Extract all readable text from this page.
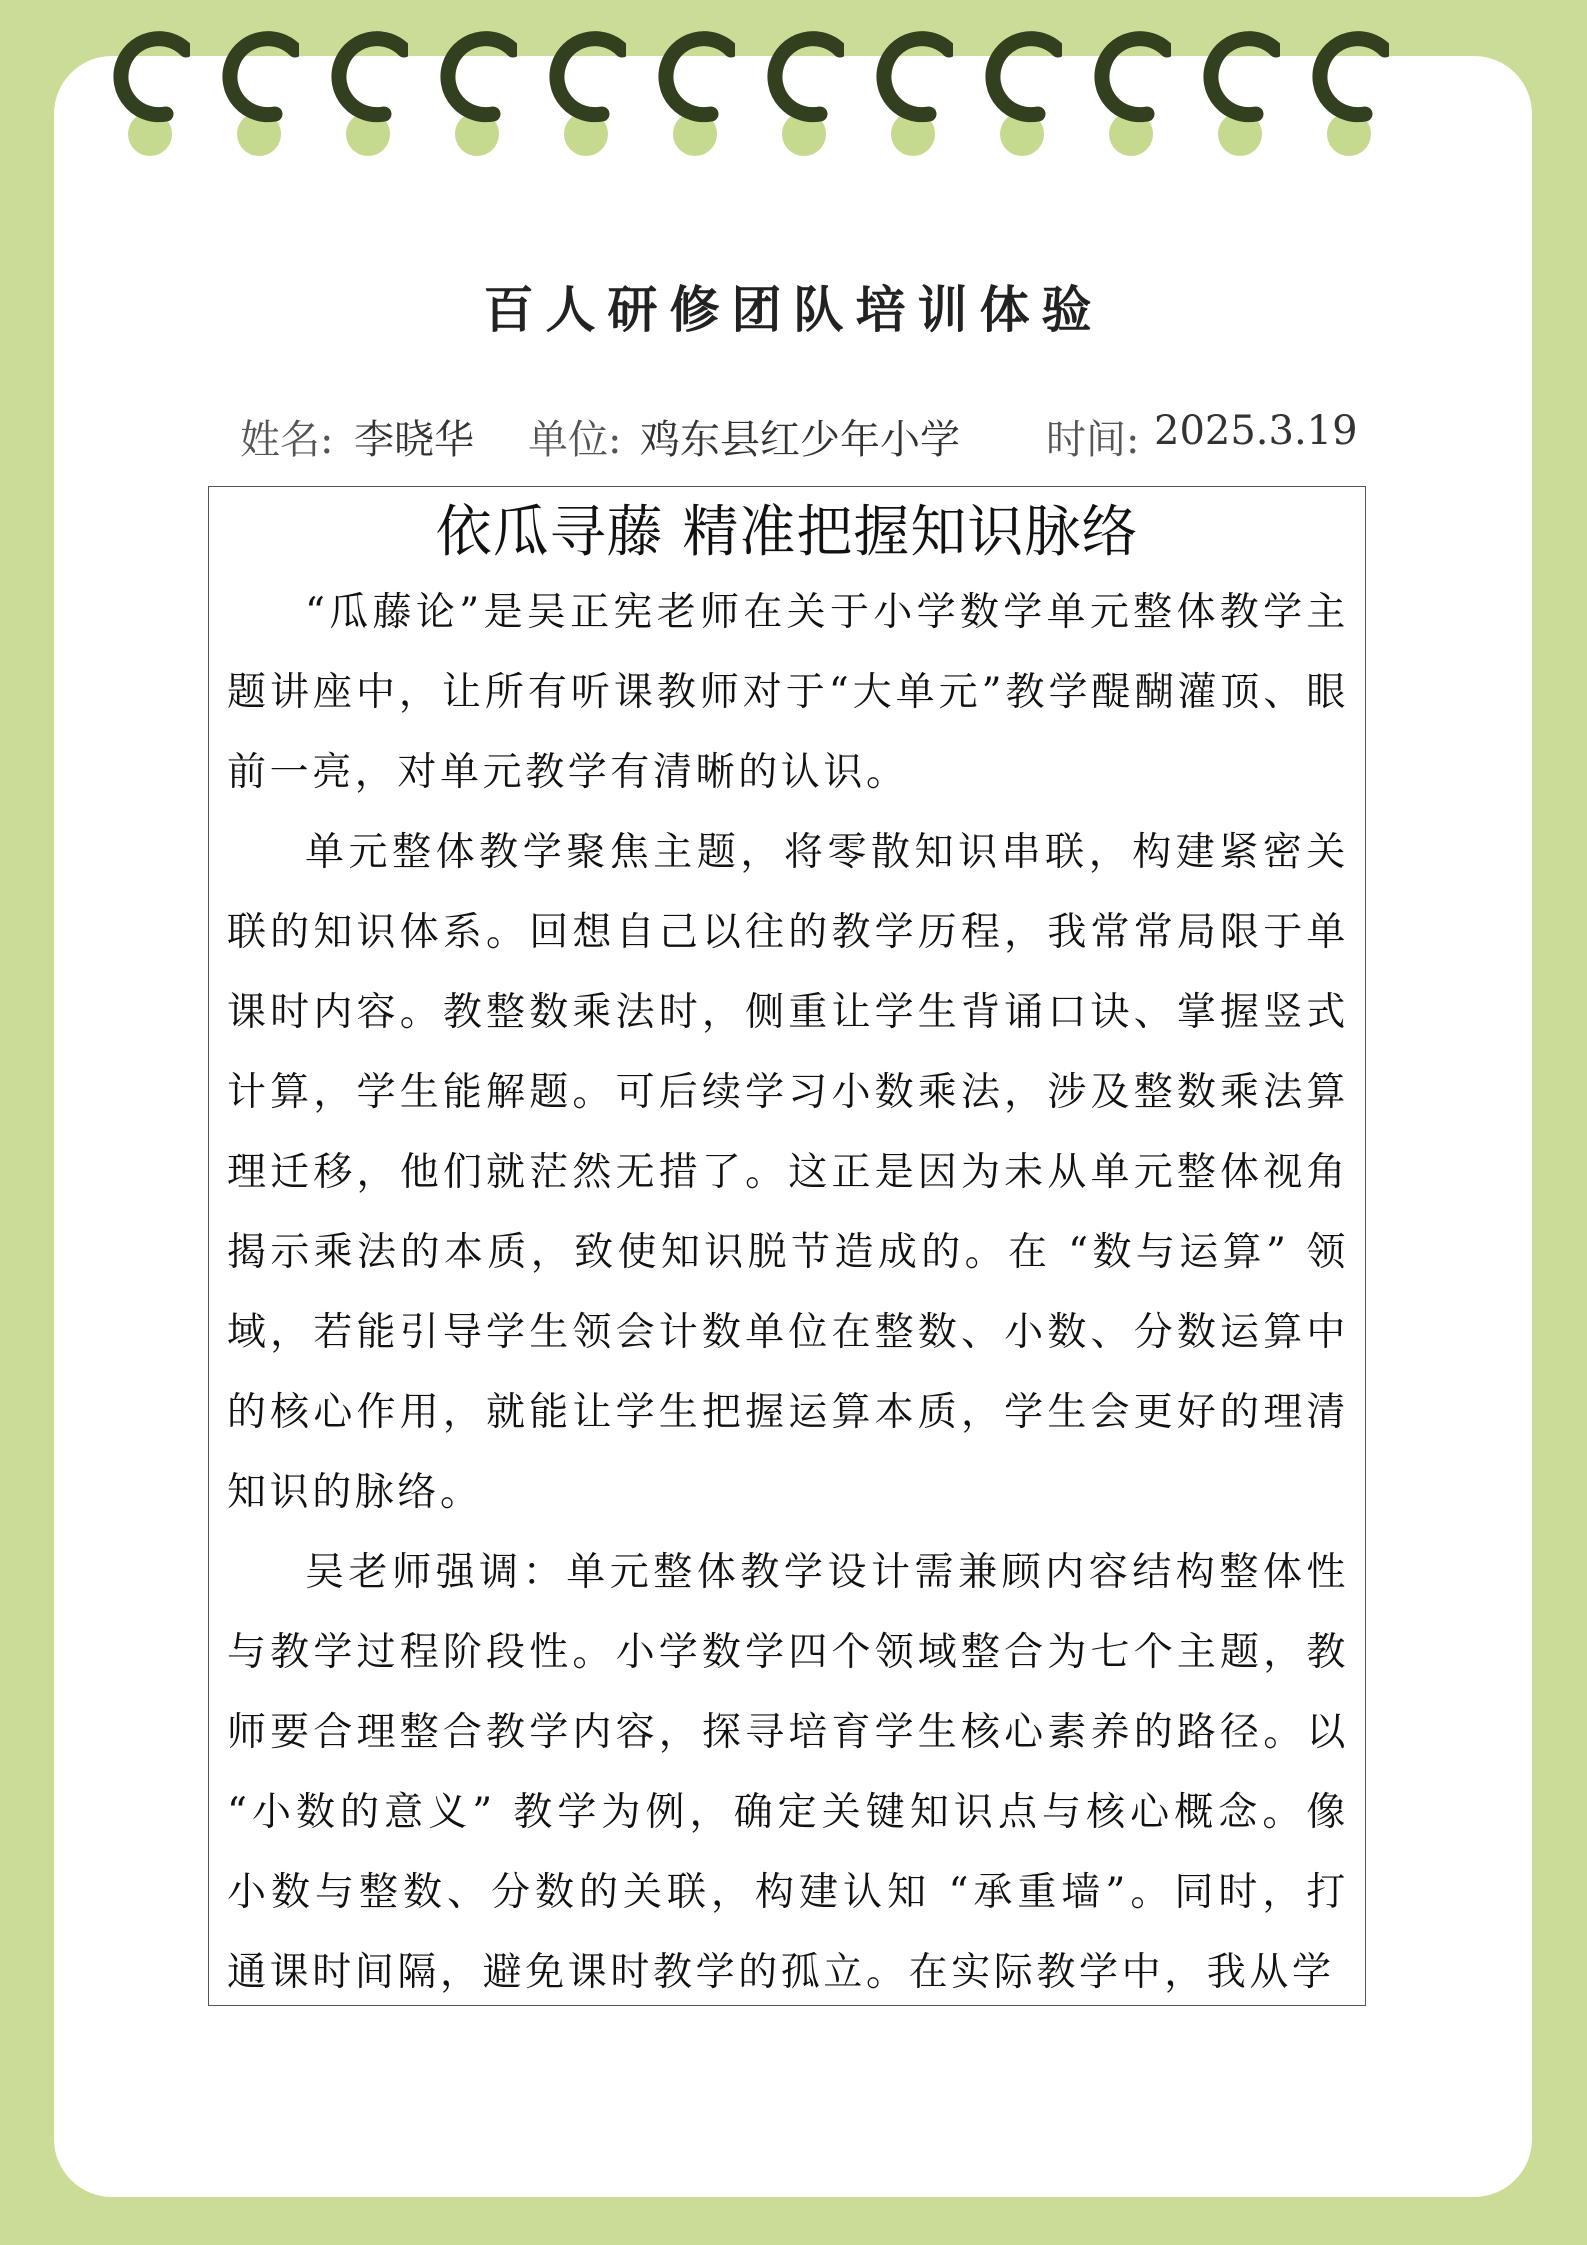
百人研修团队培训体验
姓名: 李晓华 单位: 鸡东县红少年小学 时间: 2025.3.19
依瓜寻藤 精准把握知识脉络

“瓜藤论”是吴正宪老师在关于小学数学单元整体教学主题讲座中，让所有听课教师对于“大单元”教学醍醐灌顶、眼前一亮，对单元教学有清晰的认识。

单元整体教学聚焦主题，将零散知识串联，构建紧密关联的知识体系。回想自己以往的教学历程，我常常局限于单课时内容。教整数乘法时，侧重让学生背诵口诀、掌握竖式计算，学生能解题。可后续学习小数乘法，涉及整数乘法算理迁移，他们就茫然无措了。这正是因为未从单元整体视角揭示乘法的本质，致使知识脱节造成的。在 “数与运算” 领域，若能引导学生领会计数单位在整数、小数、分数运算中的核心作用，就能让学生把握运算本质，学生会更好的理清知识的脉络。

吴老师强调：单元整体教学设计需兼顾内容结构整体性与教学过程阶段性。小学数学四个领域整合为七个主题，教师要合理整合教学内容，探寻培育学生核心素养的路径。以 “小数的意义” 教学为例，确定关键知识点与核心概念。像小数与整数、分数的关联，构建认知 “承重墙”。同时，打通课时间隔，避免课时教学的孤立。在实际教学中，我从学
